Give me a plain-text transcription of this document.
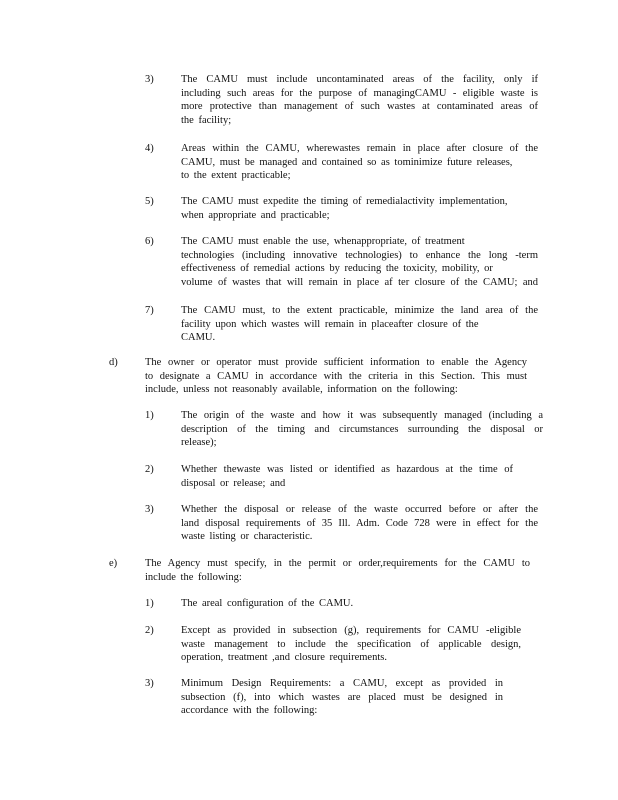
3)	The CAMU must include uncontaminated areas of the facility, only if
including such areas for the purpose of managingCAMU - eligible waste is
more protective than management of such wastes at contaminated areas of
the facility;
4)	Areas within the CAMU, wherewastes remain in place after closure of the
CAMU, must be managed and contained so as tominimize future releases,
to the extent practicable;
5)	The CAMU must expedite the timing of remedialactivity implementation,
when appropriate and practicable;
6)	The CAMU must enable the use, whenappropriate, of treatment
technologies (including innovative technologies) to enhance the long -term
effectiveness of remedial actions by reducing the toxicity, mobility, or
volume of wastes that will remain in place af ter closure of the CAMU; and
7)	The CAMU must, to the extent practicable, minimize the land area of the
facility upon which wastes will remain in placeafter closure of the
CAMU.
d)	The owner or operator must provide sufficient information to enable the Agency
to designate a CAMU in accordance with the criteria in this Section. This must
include, unless not reasonably available, information on the following:
1)	The origin of the waste and how it was subsequently managed (including a
description of the timing and circumstances surrounding the disposal or
release);
2)	Whether thewaste was listed or identified as hazardous at the time of
disposal or release; and
3)	Whether the disposal or release of the waste occurred before or after the
land disposal requirements of 35 Ill. Adm. Code 728 were in effect for the
waste listing or characteristic.
e)	The Agency must specify, in the permit or order,requirements for the CAMU to
include the following:
1)	The areal configuration of the CAMU.
2)	Except as provided in subsection (g), requirements for CAMU -eligible
waste management to include the specification of applicable design,
operation, treatment ,and closure requirements.
3)	Minimum Design Requirements: a CAMU, except as provided in
subsection (f), into which wastes are placed must be designed in
accordance with the following:
